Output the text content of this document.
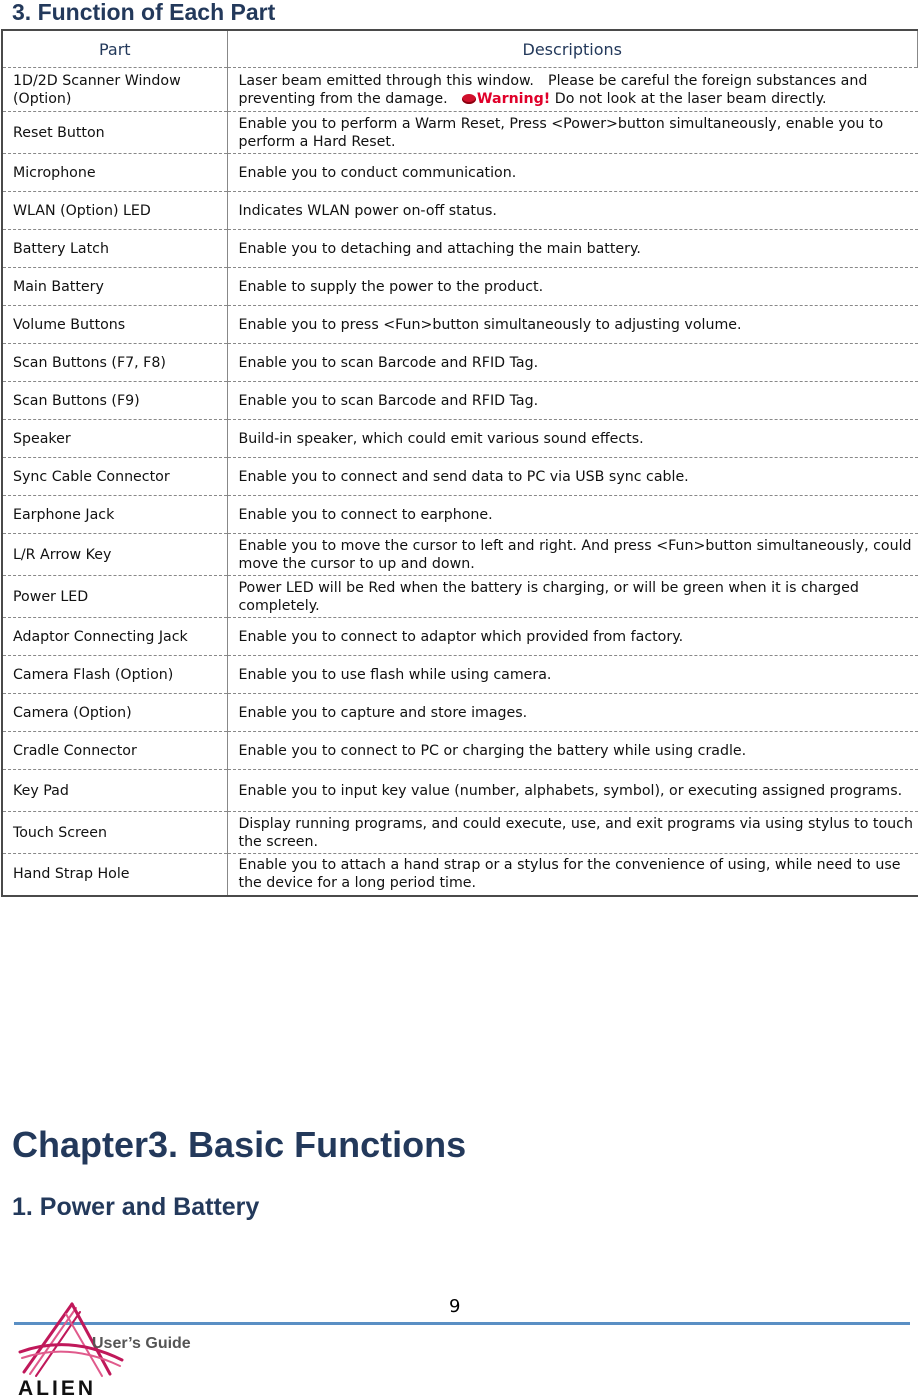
3. Function of Each Part
Part	Descriptions
1D/2D Scanner Window (Option)	Laser beam emitted through this window.　Please be careful the foreign substances and preventing from the damage.　Warning! Do not look at the laser beam directly.
Reset Button	Enable you to perform a Warm Reset, Press <Power>button simultaneously, enable you to perform a Hard Reset.
Microphone	Enable you to conduct communication.
WLAN (Option) LED	Indicates WLAN power on-off status.
Battery Latch	Enable you to detaching and attaching the main battery.
Main Battery	Enable to supply the power to the product.
Volume Buttons	Enable you to press <Fun>button simultaneously to adjusting volume.
Scan Buttons (F7, F8)	Enable you to scan Barcode and RFID Tag.
Scan Buttons (F9)	Enable you to scan Barcode and RFID Tag.
Speaker	Build-in speaker, which could emit various sound effects.
Sync Cable Connector	Enable you to connect and send data to PC via USB sync cable.
Earphone Jack	Enable you to connect to earphone.
L/R Arrow Key	Enable you to move the cursor to left and right. And press <Fun>button simultaneously, could move the cursor to up and down.
Power LED	Power LED will be Red when the battery is charging, or will be green when it is charged completely.
Adaptor Connecting Jack	Enable you to connect to adaptor which provided from factory.
Camera Flash (Option)	Enable you to use flash while using camera.
Camera (Option)	Enable you to capture and store images.
Cradle Connector	Enable you to connect to PC or charging the battery while using cradle.
Key Pad	Enable you to input key value (number, alphabets, symbol), or executing assigned programs.
Touch Screen	Display running programs, and could execute, use, and exit programs via using stylus to touch the screen.
Hand Strap Hole	Enable you to attach a hand strap or a stylus for the convenience of using, while need to use the device for a long period time.
Chapter3. Basic Functions
1. Power and Battery
9
ALIEN
User’s Guide
